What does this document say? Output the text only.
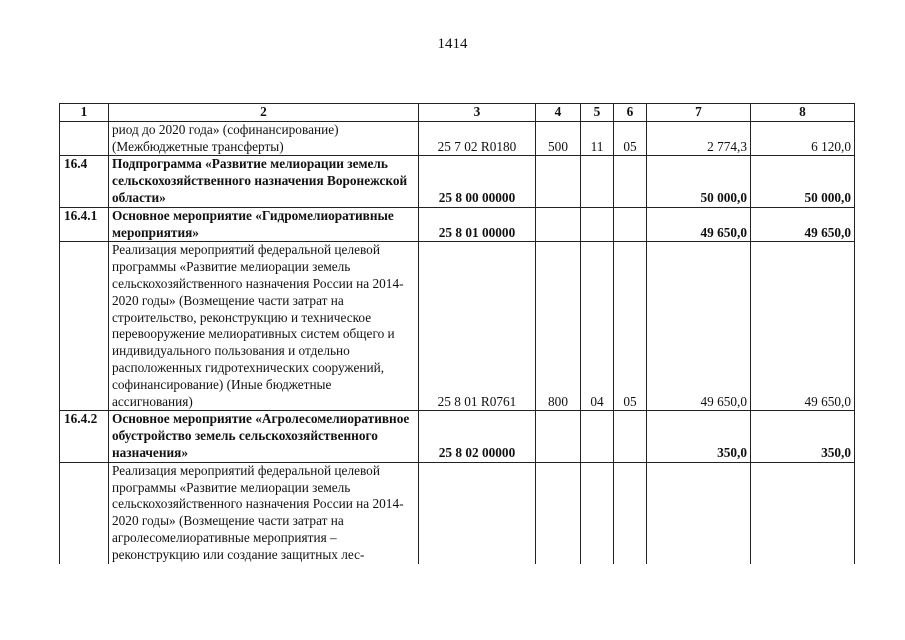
1414
1	2	3	4	5	6	7	8
	риод до 2020 года» (софинансирование) (Межбюджетные трансферты)	25 7 02 R0180	500	11	05	2 774,3	6 120,0
16.4	Подпрограмма «Развитие мелиорации земель сельскохозяйственного назначения Воронежской области»	25 8 00 00000				50 000,0	50 000,0
16.4.1	Основное мероприятие «Гидромелиоративные мероприятия»	25 8 01 00000				49 650,0	49 650,0
	Реализация мероприятий федеральной целевой программы «Развитие мелиорации земель сельскохозяйственного назначения России на 2014-2020 годы» (Возмещение части затрат на строительство, реконструкцию и техническое перевооружение мелиоративных систем общего и индивидуального пользования и отдельно расположенных гидротехнических сооружений, софинансирование) (Иные бюджетные ассигнования)	25 8 01 R0761	800	04	05	49 650,0	49 650,0
16.4.2	Основное мероприятие «Агролесомелиоративное обустройство земель сельскохозяйственного назначения»	25 8 02 00000				350,0	350,0
	Реализация мероприятий федеральной целевой программы «Развитие мелиорации земель сельскохозяйственного назначения России на 2014-2020 годы» (Возмещение части затрат на агролесомелиоративные мероприятия – реконструкцию или создание защитных лес-						
